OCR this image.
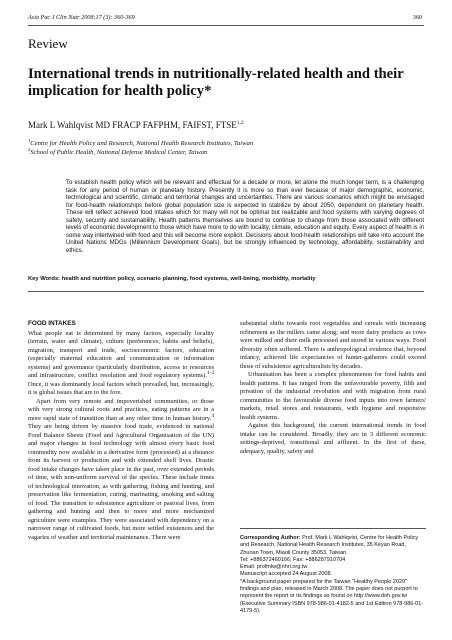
Asia Pac J Clin Nutr 2008;17 (3): 360-369	360
Review
International trends in nutritionally-related health and their implication for health policy*
Mark L Wahlqvist MD FRACP FAFPHM, FAIFST, FTSE$^{1,2}$
$^1$Centre for Health Policy and Research, National Health Research Institutes, Taiwan
$^2$School of Public Health, National Defense Medical Center, Taiwan
To establish health policy which will be relevant and effectual for a decade or more, let alone the much longer term, is a challenging task for any period of human or planetary history. Presently it is more so than ever because of major demographic, economic, technological and scientific, climatic and territorial changes and uncertainties. There are various scenarios which might be envisaged for food-health relationships before global population size is expected to stabilize by about 2050, dependent on planetary health. These will reflect achieved food intakes which for many will not be optimal but realizable and food systems with varying degrees of safety, security and sustainability. Health patterns themselves are bound to continue to change from those associated with different levels of economic development to those which have more to do with locality, climate, education and equity. Every aspect of health is in some way intertwined with food and this will become more explicit. Decisions about food-health relationships will take into account the United Nations MDGs (Millennium Development Goals), but be strongly influenced by technology, affordability, sustainability and ethics.
Key Words: health and nutrition policy, scenario planning, food systems, well-being, morbidity, mortality
FOOD INTAKES

What people eat is determined by many factors, especially locality (terrain, water and climate), culture (preferences, habits and beliefs), migration, transport and trade, socioeconomic factors, education (especially maternal education and communication or information systems) and governance (particularly distribution, access to resources and infrastructure, conflict resolution and food regulatory systems).$^{1-3}$ Once, it was dominantly local factors which prevailed, but, increasingly, it is global issues that are to the fore.

Apart from very remote and impoverished communities, or those with very strong cultural roots and practices, eating patterns are in a more rapid state of transition than at any other time in human history.$^4$ They are being driven by massive food trade, evidenced in national Food Balance Sheets (Food and Agricultural Organisation of the UN) and major changes in food technology with almost every basic food commodity now available in a derivative form (processed) at a distance from its harvest or production and with extended shelf lives. Drastic food intake changes have taken place in the past, over extended periods of time, with non-uniform survival of the species. These include times of technological innovation, as with gathering, fishing and hunting, and preservation like fermentation, curing, marinating, smoking and salting of food. The transition to subsistence agriculture or pastoral lives, from gathering and hunting and then to more and more mechanized agriculture were examples. They were associated with dependency on a narrower range of cultivated foods, but more settled existences and the vagaries of weather and territorial maintenance. There were

substantial shifts towards root vegetables and cereals with increasing refinement as the millers came along; and more dairy products as cows were milked and their milk processed and stored in various ways. Food diversity often suffered. There is anthropological evidence that, beyond infancy, achieved life expectancies of hunter-gatherers could exceed those of subsistence agriculturalists by decades.

Urbanisation has been a complex phenomenon for food habits and health patterns. It has ranged from the unfavourable poverty, filth and privation of the industrial revolution and with migration from rural communities to the favourable diverse food inputs into town farmers' markets, retail stores and restaurants, with hygiene and responsive health systems.

Against this background, the current international trends in food intake can be considered. Broadly, they are in 3 different economic settings-deprived, transitional and affluent. In the first of these, adequacy, quality, safety and

Corresponding Author: Prof. Mark L Wahlqvist, Centre for Health Policy and Research, National Health Research Institutes, 35 Keyan Road, Zhunan Town, Miaoli County 35053, Taiwan.

Tel: +886372460166; Fax: +886287910704

Email: profmlw@nhri.org.tw

Manuscript accepted 24 August 2008.

*A background paper prepared for the Taiwan "Healthy People 2020" findings and plan, released in March 2008. The paper does not purport to represent the report or its findings as found on http://www.doh.gov.tw (Executive Summary ISBN 978-986-01-4182-5 and 1st Edition 978-986-01-4179-5).
